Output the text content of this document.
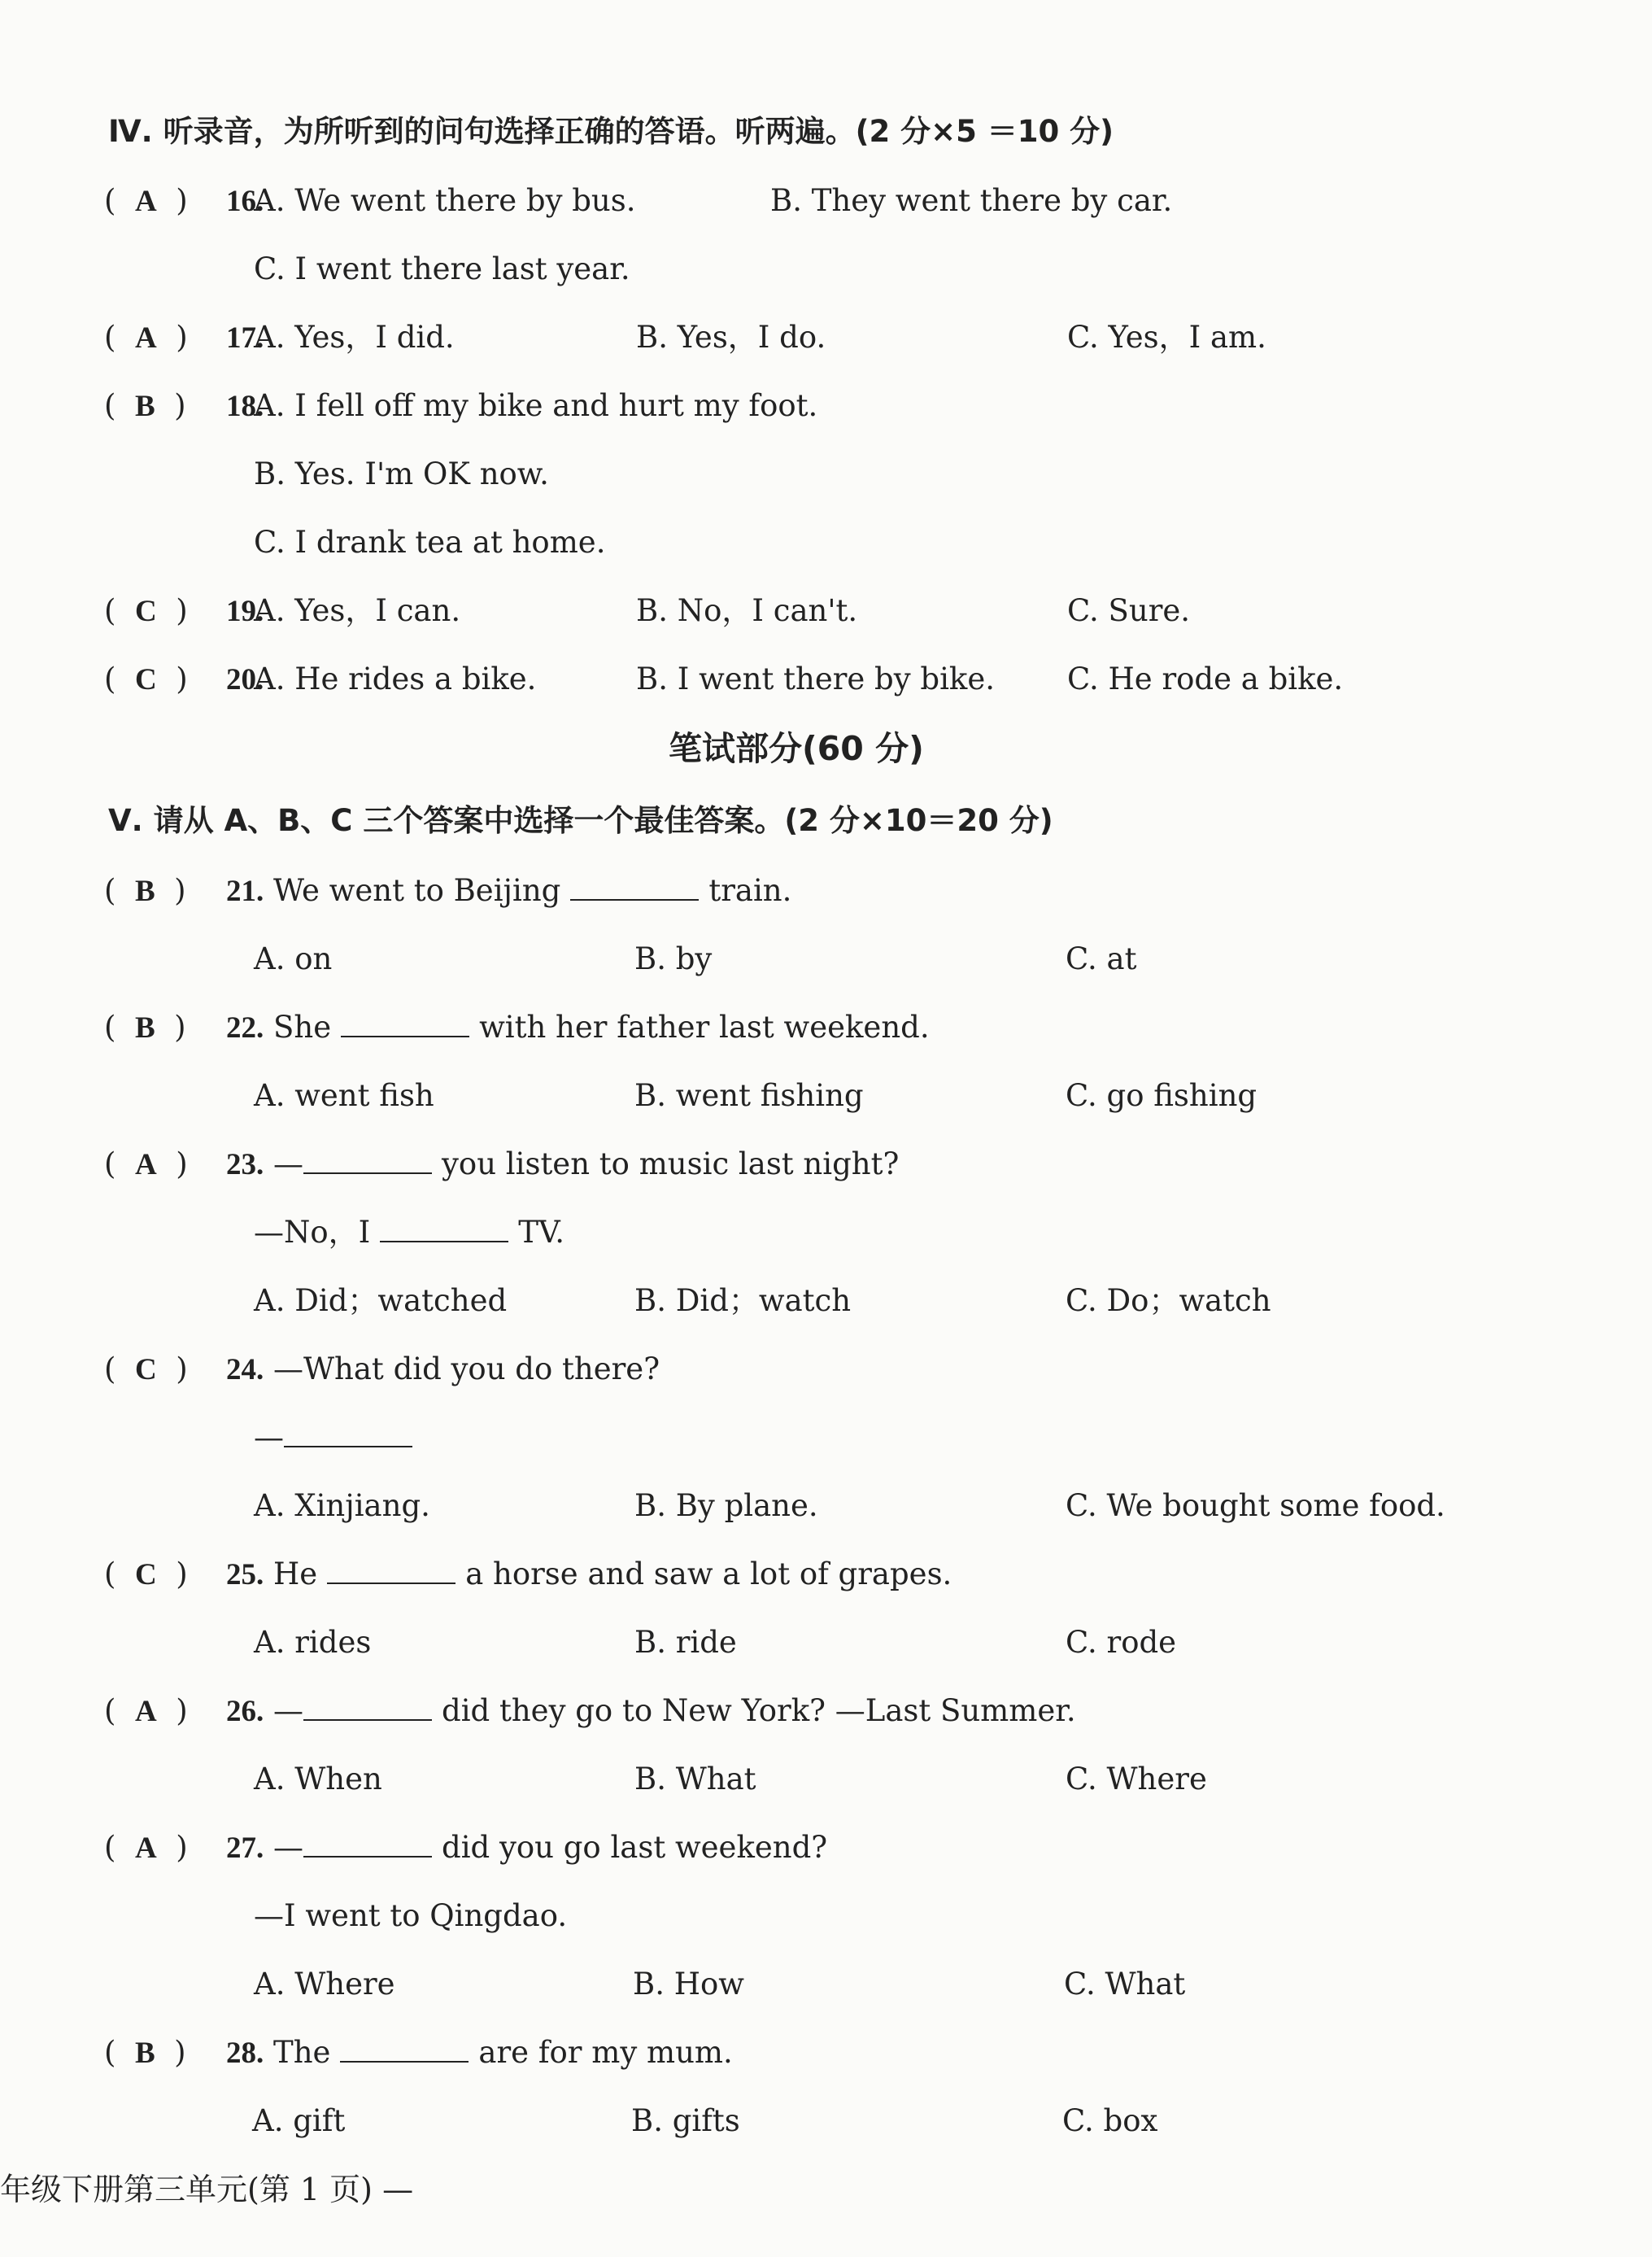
Ⅳ. 听录音，为所听到的问句选择正确的答语。听两遍。(2 分×5 ＝10 分)
(  A  ) 16.
A. We went there by bus.	B. They went there by car.
C. I went there last year.
(  A  ) 17.
A. Yes，I did.	B. Yes，I do.	C. Yes，I am.
(  B  ) 18.
A. I fell off my bike and hurt my foot.
B. Yes. I'm OK now.
C. I drank tea at home.
(  C  ) 19.
A. Yes，I can.	B. No，I can't.	C. Sure.
(  C  ) 20.
A. He rides a bike.	B. I went there by bike. C. He rode a bike.
笔试部分(60 分)
Ⅴ. 请从 A、B、C 三个答案中选择一个最佳答案。(2 分×10＝20 分)
(  B  ) 21. We went to Beijing	train.
A. on	B. by	C. at
(  B  ) 22. She	with her father last weekend.
A. went fish	B. went fishing	C. go fishing
(  A  ) 23. —	you listen to music last night?
—No，I	TV.
A. Did；watched	B. Did；watch	C. Do；watch
(  C  ) 24. —What did you do there?
—
A. Xinjiang.	B. By plane.	C. We bought some food.
(  C  ) 25. He	a horse and saw a lot of grapes.
A. rides	B. ride	C. rode
(  A  ) 26. —	did they go to New York? —Last Summer.
A. When	B. What	C. Where
(  A  ) 27. —	did you go last weekend?
—I went to Qingdao.
A. Where	B. How	C. What
(  B  ) 28. The	are for my mum.
A. gift	B. gifts	C. box
年级下册第三单元(第 1 页) —
